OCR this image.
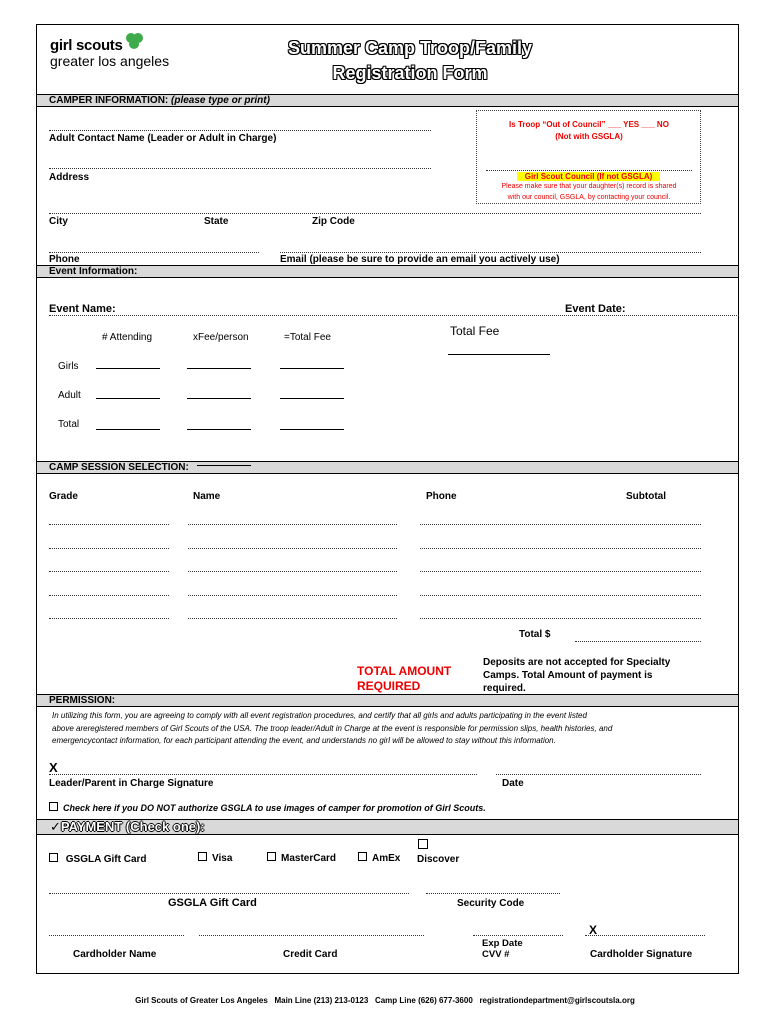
girl scouts
greater los angeles
Summer Camp Troop/Family
Registration Form
CAMPER INFORMATION: (please type or print)
Adult Contact Name (Leader or Adult in Charge)
Address
Is Troop “Out of Council” ___ YES ___ NO
(Not with GSGLA)
Girl Scout Council (If not GSGLA)
Please make sure that your daughter(s) record is shared
with our council, GSGLA, by contacting your council.
City	State	Zip Code
Phone	Email (please be sure to provide an email you actively use)
Event Information:
Event Name:	Event Date:
# Attending	xFee/person	=Total Fee	Total Fee
Girls
Adult
Total
CAMP SESSION SELECTION:
Grade	Name	Phone	Subtotal
Total $
TOTAL AMOUNT
REQUIRED
Deposits are not accepted for Specialty
Camps. Total Amount of payment is
required.
PERMISSION:
In utilizing this form, you are agreeing to comply with all event registration procedures, and certify that all girls and adults participating in the event listed
above areregistered members of Girl Scouts of the USA. The troop leader/Adult in Charge at the event is responsible for permission slips, health histories, and
emergencycontact information, for each participant attending the event, and understands no girl will be allowed to stay without this information.
X
Leader/Parent in Charge Signature	Date
Check here if you DO NOT authorize GSGLA to use images of camper for promotion of Girl Scouts.
✓PAYMENT (Check one):
GSGLA Gift Card	Visa	MasterCard	AmEx Discover
GSGLA Gift Card	Security Code
X
Exp Date
CVV #
Cardholder Name	Credit Card	Cardholder Signature
Girl Scouts of Greater Los Angeles   Main Line (213) 213-0123   Camp Line (626) 677-3600   registrationdepartment@girlscoutsla.org
